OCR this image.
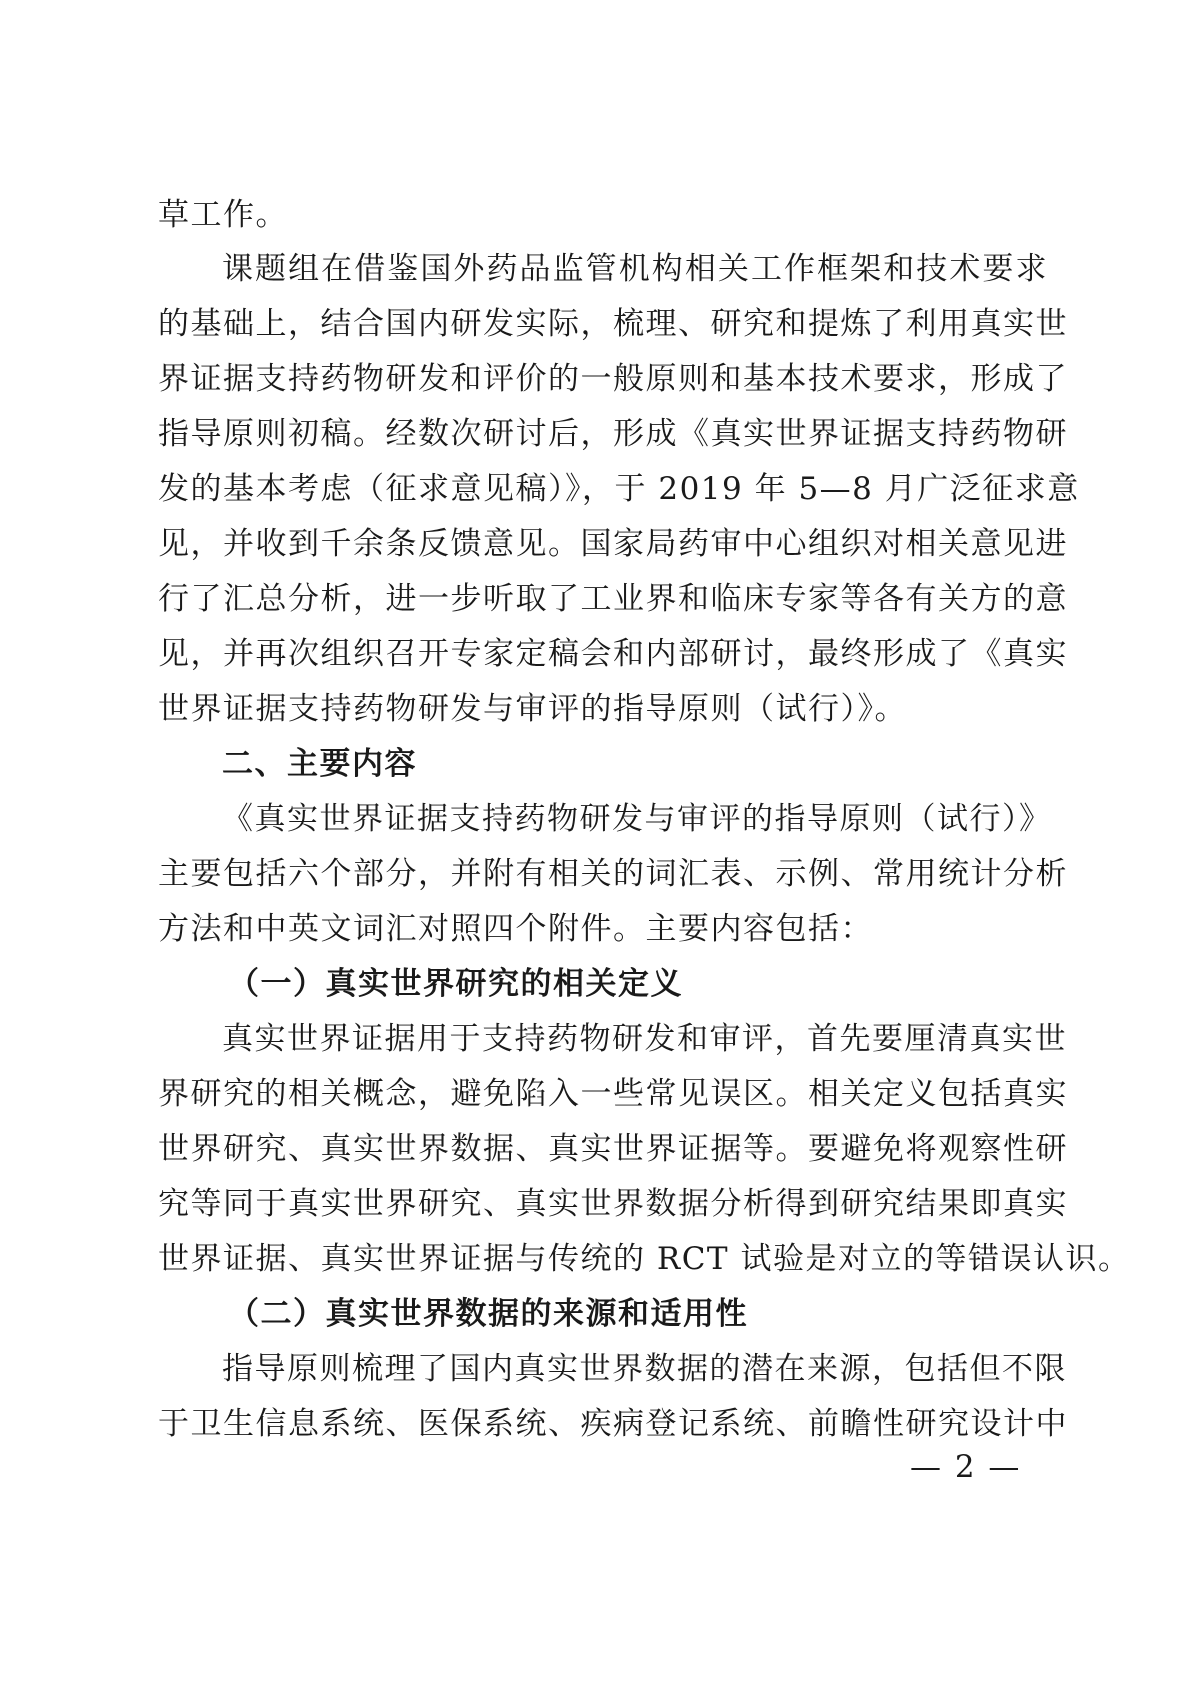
草工作。
课题组在借鉴国外药品监管机构相关工作框架和技术要求
的基础上，结合国内研发实际，梳理、研究和提炼了利用真实世
界证据支持药物研发和评价的一般原则和基本技术要求，形成了
指导原则初稿。经数次研讨后，形成《真实世界证据支持药物研
发的基本考虑（征求意见稿）》，于 2019 年 5—8 月广泛征求意
见，并收到千余条反馈意见。国家局药审中心组织对相关意见进
行了汇总分析，进一步听取了工业界和临床专家等各有关方的意
见，并再次组织召开专家定稿会和内部研讨，最终形成了《真实
世界证据支持药物研发与审评的指导原则（试行）》。
二、主要内容
《真实世界证据支持药物研发与审评的指导原则（试行）》
主要包括六个部分，并附有相关的词汇表、示例、常用统计分析
方法和中英文词汇对照四个附件。主要内容包括：
（一）真实世界研究的相关定义
真实世界证据用于支持药物研发和审评，首先要厘清真实世
界研究的相关概念，避免陷入一些常见误区。相关定义包括真实
世界研究、真实世界数据、真实世界证据等。要避免将观察性研
究等同于真实世界研究、真实世界数据分析得到研究结果即真实
世界证据、真实世界证据与传统的 RCT 试验是对立的等错误认识。
（二）真实世界数据的来源和适用性
指导原则梳理了国内真实世界数据的潜在来源，包括但不限
于卫生信息系统、医保系统、疾病登记系统、前瞻性研究设计中
— 2 —
